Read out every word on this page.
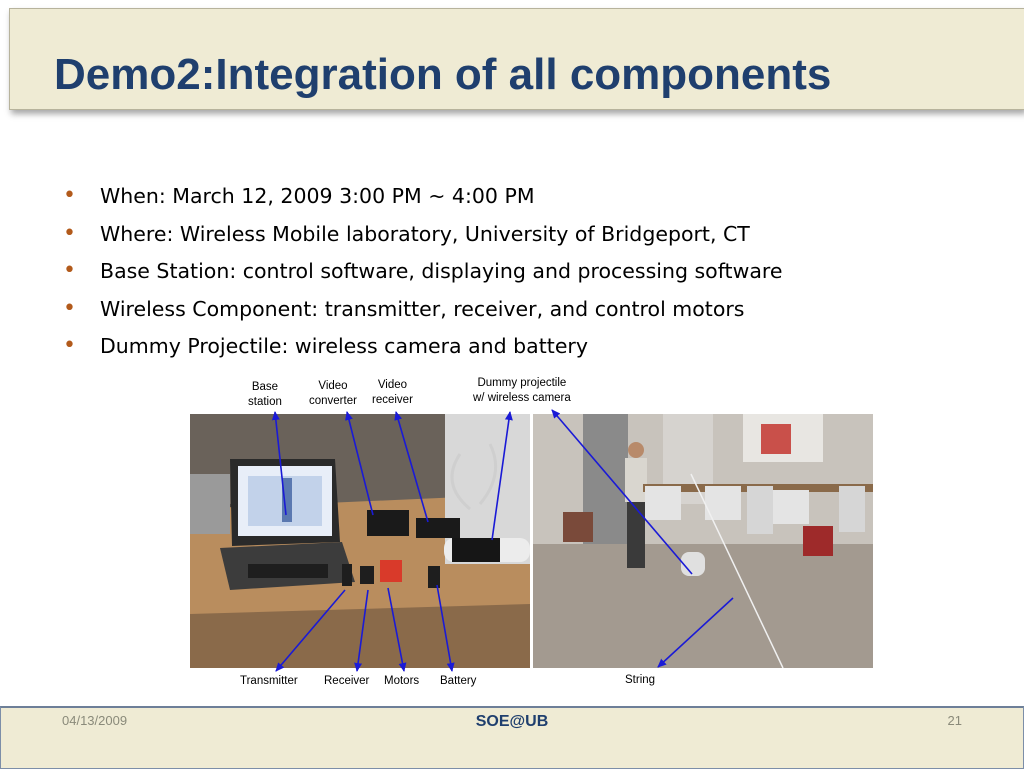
Demo2:Integration of all components
• When: March 12, 2009 3:00 PM ~ 4:00 PM
• Where: Wireless Mobile laboratory, University of Bridgeport, CT
• Base Station: control software, displaying and processing software
• Wireless Component: transmitter, receiver, and control motors
• Dummy Projectile: wireless camera and battery
Base
station
Video
converter
Video
receiver
Dummy projectile
w/ wireless camera
Transmitter Receiver Motors Battery	String
04/13/2009	SOE@UB	21
